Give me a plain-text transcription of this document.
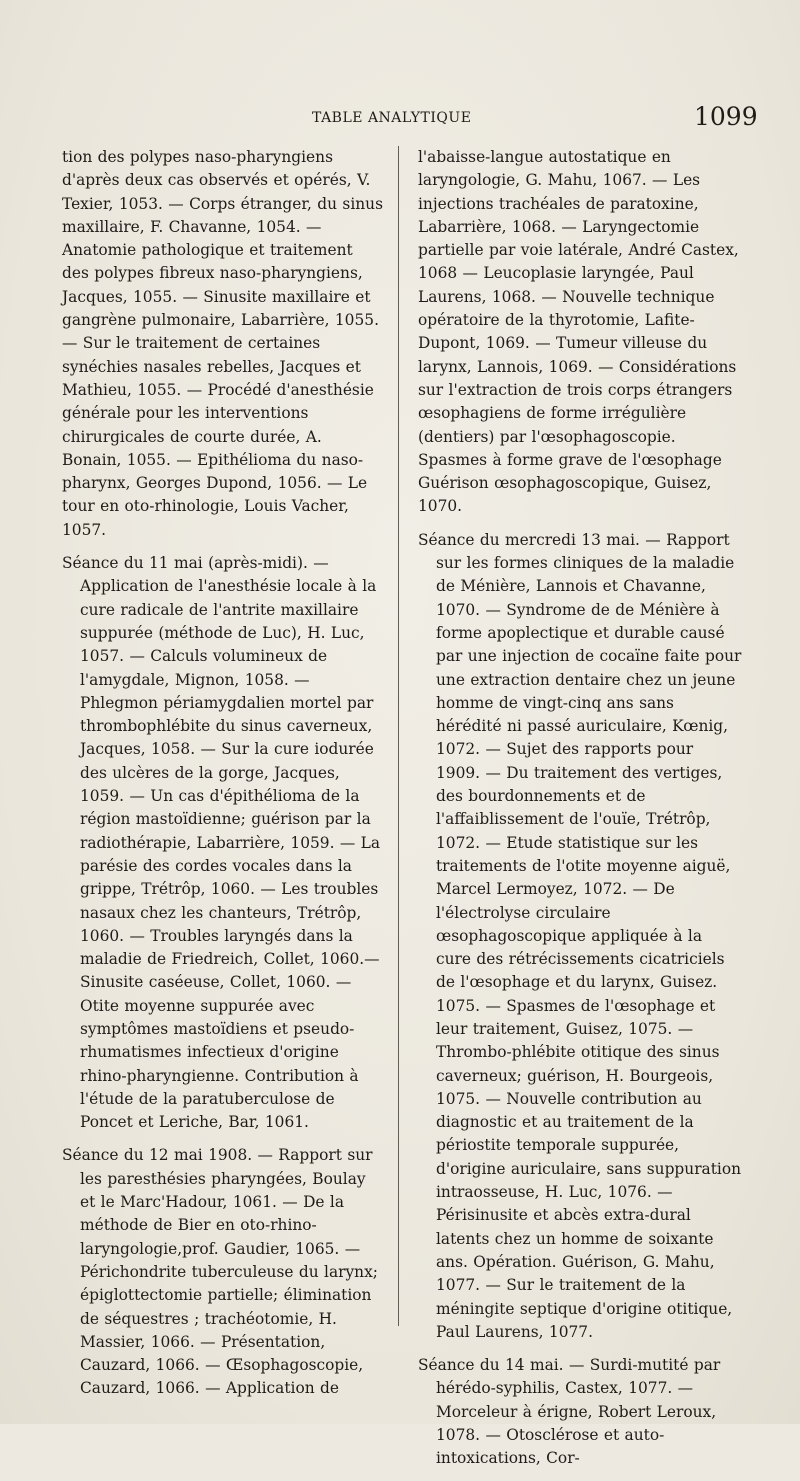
TABLE ANALYTIQUE	1099

tion des polypes naso-pharyngiens d'après deux cas observés et opérés, V. Texier, 1053. — Corps étranger, du sinus maxillaire, F. Chavanne, 1054. — Anatomie pathologique et traitement des polypes fibreux naso-pharyngiens, Jacques, 1055. — Sinusite maxillaire et gangrène pulmonaire, Labarrière, 1055. — Sur le traitement de certaines synéchies nasales rebelles, Jacques et Mathieu, 1055. — Procédé d'anesthésie générale pour les interventions chirurgicales de courte durée, A. Bonain, 1055. — Epithélioma du naso-pharynx, Georges Dupond, 1056. — Le tour en oto-rhinologie, Louis Vacher, 1057.

Séance du 11 mai (après-midi). — Application de l'anesthésie locale à la cure radicale de l'antrite maxillaire suppurée (méthode de Luc), H. Luc, 1057. — Calculs volumineux de l'amygdale, Mignon, 1058. — Phlegmon périamygdalien mortel par thrombophlébite du sinus caverneux, Jacques, 1058. — Sur la cure iodurée des ulcères de la gorge, Jacques, 1059. — Un cas d'épithélioma de la région mastoïdienne; guérison par la radiothérapie, Labarrière, 1059. — La parésie des cordes vocales dans la grippe, Trétrôp, 1060. — Les troubles nasaux chez les chanteurs, Trétrôp, 1060. — Troubles laryngés dans la maladie de Friedreich, Collet, 1060.— Sinusite caséeuse, Collet, 1060. — Otite moyenne suppurée avec symptômes mastoïdiens et pseudo-rhumatismes infectieux d'origine rhino-pharyngienne. Contribution à l'étude de la paratuberculose de Poncet et Leriche, Bar, 1061.

Séance du 12 mai 1908. — Rapport sur les paresthésies pharyngées, Boulay et le Marc'Hadour, 1061. — De la méthode de Bier en oto-rhino-laryngologie,prof. Gaudier, 1065. — Périchondrite tuberculeuse du larynx; épiglottectomie partielle; élimination de séquestres ; trachéotomie, H. Massier, 1066. — Présentation, Cauzard, 1066. — Œsophagoscopie, Cauzard, 1066. — Application de

l'abaisse-langue autostatique en laryngologie, G. Mahu, 1067. — Les injections trachéales de paratoxine, Labarrière, 1068. — Laryngectomie partielle par voie latérale, André Castex, 1068 — Leucoplasie laryngée, Paul Laurens, 1068. — Nouvelle technique opératoire de la thyrotomie, Lafite-Dupont, 1069. — Tumeur villeuse du larynx, Lannois, 1069. — Considérations sur l'extraction de trois corps étrangers œsophagiens de forme irrégulière (dentiers) par l'œsophagoscopie. Spasmes à forme grave de l'œsophage Guérison œsophagoscopique, Guisez, 1070.

Séance du mercredi 13 mai. — Rapport sur les formes cliniques de la maladie de Ménière, Lannois et Chavanne, 1070. — Syndrome de de Ménière à forme apoplectique et durable causé par une injection de cocaïne faite pour une extraction dentaire chez un jeune homme de vingt-cinq ans sans hérédité ni passé auriculaire, Kœnig, 1072. — Sujet des rapports pour 1909. — Du traitement des vertiges, des bourdonnements et de l'affaiblissement de l'ouïe, Trétrôp, 1072. — Etude statistique sur les traitements de l'otite moyenne aiguë, Marcel Lermoyez, 1072. — De l'électrolyse circulaire œsophagoscopique appliquée à la cure des rétrécissements cicatriciels de l'œsophage et du larynx, Guisez. 1075. — Spasmes de l'œsophage et leur traitement, Guisez, 1075. — Thrombo-phlébite otitique des sinus caverneux; guérison, H. Bourgeois, 1075. — Nouvelle contribution au diagnostic et au traitement de la périostite temporale suppurée, d'origine auriculaire, sans suppuration intraosseuse, H. Luc, 1076. — Périsinusite et abcès extra-dural latents chez un homme de soixante ans. Opération. Guérison, G. Mahu, 1077. — Sur le traitement de la méningite septique d'origine otitique, Paul Laurens, 1077.

Séance du 14 mai. — Surdi-mutité par hérédo-syphilis, Castex, 1077. — Morceleur à érigne, Robert Leroux, 1078. — Otosclérose et auto-intoxications, Cor-
